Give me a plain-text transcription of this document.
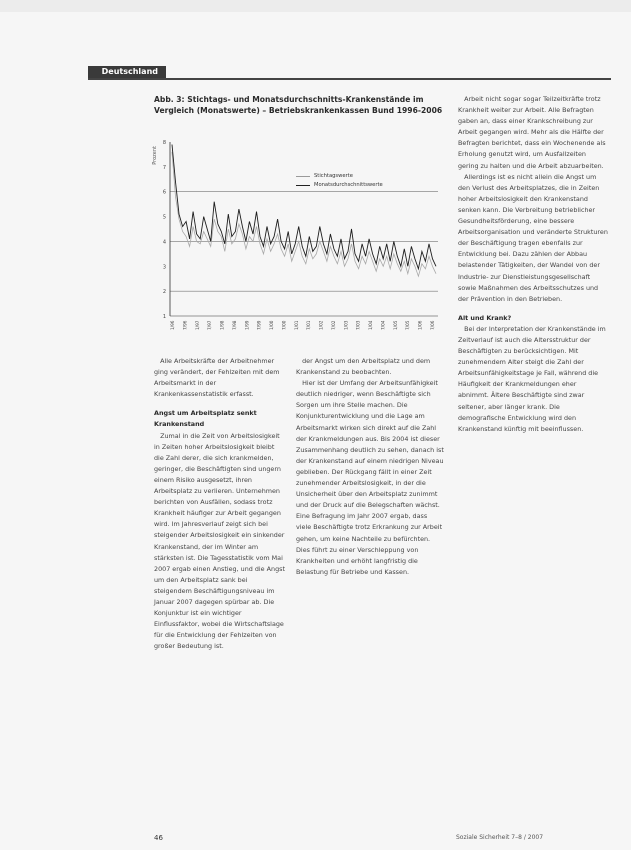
Deutschland
Abb. 3: Stichtags- und Monatsdurchschnitts-Krankenstände im Vergleich (Monatswerte) – Betriebskrankenkassen Bund 1996-2006
1
2
3
4
5
6
7
8
1/96 7/96 1/97 7/97 1/98 7/98 1/99 7/99 1/00 7/00 1/01 7/01 1/02 7/02 1/03 7/03 1/04 7/04 1/05 7/05 1/06 7/06
Prozent
Stichtagswerte
Monatsdurchschnittswerte
Alle Arbeitskräfte der Arbeitnehmer ging verändert, der Fehlzeiten mit dem Arbeitsmarkt in der Krankenkassenstatistik erfasst.
Angst um Arbeitsplatz senkt Krankenstand
Zumal in die Zeit von Arbeitslosigkeit in Zeiten hoher Arbeitslosigkeit bleibt die Zahl derer, die sich krankmelden, geringer, die Beschäftigten sind ungern einem Risiko ausgesetzt, ihren Arbeitsplatz zu verlieren. Unternehmen berichten von Ausfällen, sodass trotz Krankheit häufiger zur Arbeit gegangen wird. Im Jahresverlauf zeigt sich bei steigender Arbeitslosigkeit ein sinkender Krankenstand, der im Winter am stärksten ist. Die Tagesstatistik vom Mai 2007 ergab einen Anstieg, und die Angst um den Arbeitsplatz sank bei steigendem Beschäftigungsniveau im Januar 2007 dagegen spürbar ab. Die Konjunktur ist ein wichtiger Einflussfaktor, wobei die Wirtschaftslage für die Entwicklung der Fehlzeiten von großer Bedeutung ist.
der Angst um den Arbeitsplatz und dem Krankenstand zu beobachten.
Hier ist der Umfang der Arbeitsunfähigkeit deutlich niedriger, wenn Beschäftigte sich Sorgen um ihre Stelle machen. Die Konjunkturentwicklung und die Lage am Arbeitsmarkt wirken sich direkt auf die Zahl der Krankmeldungen aus. Bis 2004 ist dieser Zusammenhang deutlich zu sehen, danach ist der Krankenstand auf einem niedrigen Niveau geblieben. Der Rückgang fällt in einer Zeit zunehmender Arbeitslosigkeit, in der die Unsicherheit über den Arbeitsplatz zunimmt und der Druck auf die Belegschaften wächst. Eine Befragung im Jahr 2007 ergab, dass viele Beschäftigte trotz Erkrankung zur Arbeit gehen, um keine Nachteile zu befürchten. Dies führt zu einer Verschleppung von Krankheiten und erhöht langfristig die Belastung für Betriebe und Kassen.
Arbeit nicht sogar sogar Teilzeitkräfte trotz Krankheit weiter zur Arbeit. Alle Befragten gaben an, dass einer Krankschreibung zur Arbeit gegangen wird. Mehr als die Hälfte der Befragten berichtet, dass ein Wochenende als Erholung genutzt wird, um Ausfallzeiten gering zu halten und die Arbeit abzuarbeiten.
Allerdings ist es nicht allein die Angst um den Verlust des Arbeitsplatzes, die in Zeiten hoher Arbeitslosigkeit den Krankenstand senken kann. Die Verbreitung betrieblicher Gesundheitsförderung, eine bessere Arbeitsorganisation und veränderte Strukturen der Beschäftigung tragen ebenfalls zur Entwicklung bei. Dazu zählen der Abbau belastender Tätigkeiten, der Wandel von der Industrie- zur Dienstleistungsgesellschaft sowie Maßnahmen des Arbeitsschutzes und der Prävention in den Betrieben.
Alt und Krank?
Bei der Interpretation der Krankenstände im Zeitverlauf ist auch die Altersstruktur der Beschäftigten zu berücksichtigen. Mit zunehmendem Alter steigt die Zahl der Arbeitsunfähigkeitstage je Fall, während die Häufigkeit der Krankmeldungen eher abnimmt. Ältere Beschäftigte sind zwar seltener, aber länger krank. Die demografische Entwicklung wird den Krankenstand künftig mit beeinflussen.
46	Soziale Sicherheit 7–8 / 2007
